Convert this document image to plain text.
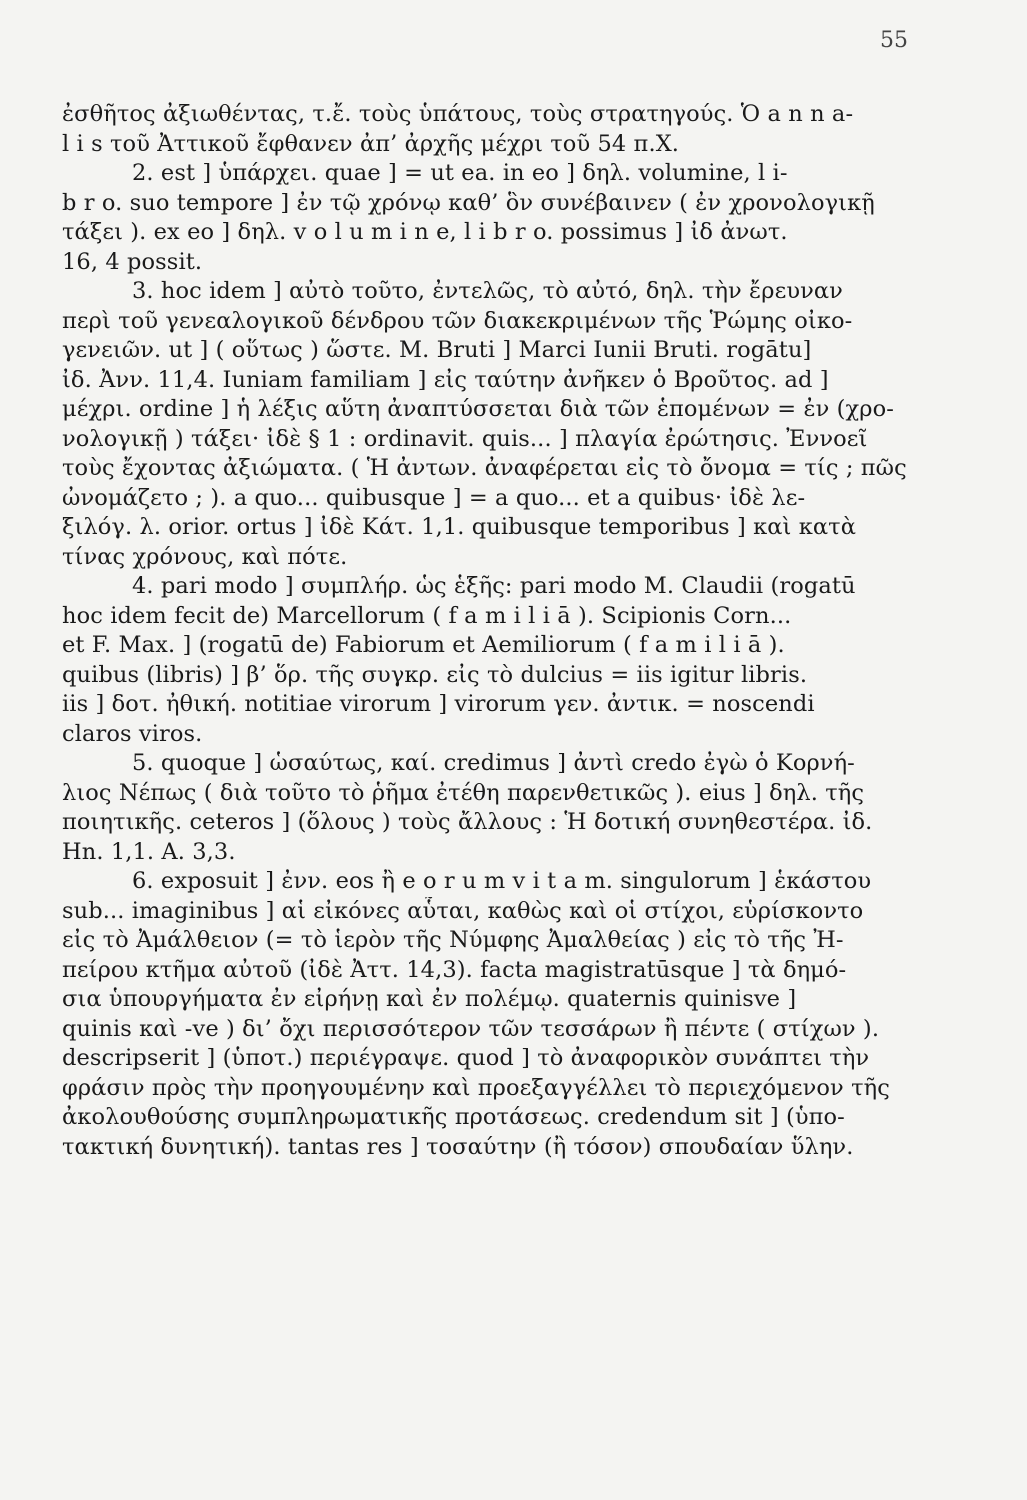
55
ἐσθῆτος ἀξιωθέντας, τ.ἔ. τοὺς ὑπάτους, τοὺς στρατηγούς. Ὁ a n n a-
l i s τοῦ Ἀττικοῦ ἔφθανεν ἀπ’ ἀρχῆς μέχρι τοῦ 54 π.Χ.
2. est ] ὑπάρχει. quae ] = ut ea. in eo ] δηλ. volumine, l i-
b r o. suo tempore ] ἐν τῷ χρόνῳ καθ’ ὃν συνέβαινεν ( ἐν χρονολογικῇ
τάξει ). ex eo ] δηλ. v o l u m i n e, l i b r o. possimus ] ἰδ ἀνωτ.
16, 4 possit.
3. hoc idem ] αὐτὸ τοῦτο, ἐντελῶς, τὸ αὐτό, δηλ. τὴν ἔρευναν
περὶ τοῦ γενεαλογικοῦ δένδρου τῶν διακεκριμένων τῆς Ῥώμης οἰκο-
γενειῶν. ut ] ( οὕτως ) ὥστε. M. Bruti ] Marci Iunii Bruti. rogātu]
ἰδ. Ἀνν. 11,4. Iuniam familiam ] εἰς ταύτην ἀνῆκεν ὁ Βροῦτος. ad ]
μέχρι. ordine ] ἡ λέξις αὕτη ἀναπτύσσεται διὰ τῶν ἑπομένων = ἐν (χρο-
νολογικῇ ) τάξει· ἰδὲ § 1 : ordinavit. quis... ] πλαγία ἐρώτησις. Ἐννοεῖ
τοὺς ἔχοντας ἀξιώματα. ( Ἡ ἀντων. ἀναφέρεται εἰς τὸ ὄνομα = τίς ; πῶς
ὠνομάζετο ; ). a quo... quibusque ] = a quo... et a quibus· ἰδὲ λε-
ξιλόγ. λ. orior. ortus ] ἰδὲ Κάτ. 1,1. quibusque temporibus ] καὶ κατὰ
τίνας χρόνους, καὶ πότε.
4. pari modo ] συμπλήρ. ὡς ἑξῆς: pari modo M. Claudii (rogatū
hoc idem fecit de) Marcellorum ( f a m i l i ā ). Scipionis Corn...
et F. Max. ] (rogatū de) Fabiorum et Aemiliorum ( f a m i l i ā ).
quibus (libris) ] β’ ὅρ. τῆς συγκρ. εἰς τὸ dulcius = iis igitur libris.
iis ] δοτ. ἠθική. notitiae virorum ] virorum γεν. ἀντικ. = noscendi
claros viros.
5. quoque ] ὡσαύτως, καί. credimus ] ἀντὶ credo ἐγὼ ὁ Κορνή-
λιος Νέπως ( διὰ τοῦτο τὸ ῥῆμα ἐτέθη παρενθετικῶς ). eius ] δηλ. τῆς
ποιητικῆς. ceteros ] (ὅλους ) τοὺς ἄλλους : Ἡ δοτική συνηθεστέρα. ἰδ.
Hn. 1,1. A. 3,3.
6. exposuit ] ἐνν. eos ἢ e o r u m v i t a m. singulorum ] ἑκάστου
sub... imaginibus ] αἱ εἰκόνες αὗται, καθὼς καὶ οἱ στίχοι, εὑρίσκοντο
εἰς τὸ Ἀμάλθειον (= τὸ ἱερὸν τῆς Νύμφης Ἀμαλθείας ) εἰς τὸ τῆς Ἠ-
πείρου κτῆμα αὐτοῦ (ἰδὲ Ἀττ. 14,3). facta magistratūsque ] τὰ δημό-
σια ὑπουργήματα ἐν εἰρήνῃ καὶ ἐν πολέμῳ. quaternis quinisve ]
quinis καὶ -ve ) δι’ ὄχι περισσότερον τῶν τεσσάρων ἢ πέντε ( στίχων ).
descripserit ] (ὑποτ.) περιέγραψε. quod ] τὸ ἀναφορικὸν συνάπτει τὴν
φράσιν πρὸς τὴν προηγουμένην καὶ προεξαγγέλλει τὸ περιεχόμενον τῆς
ἀκολουθούσης συμπληρωματικῆς προτάσεως. credendum sit ] (ὑπο-
τακτική δυνητική). tantas res ] τοσαύτην (ἢ τόσον) σπουδαίαν ὕλην.
